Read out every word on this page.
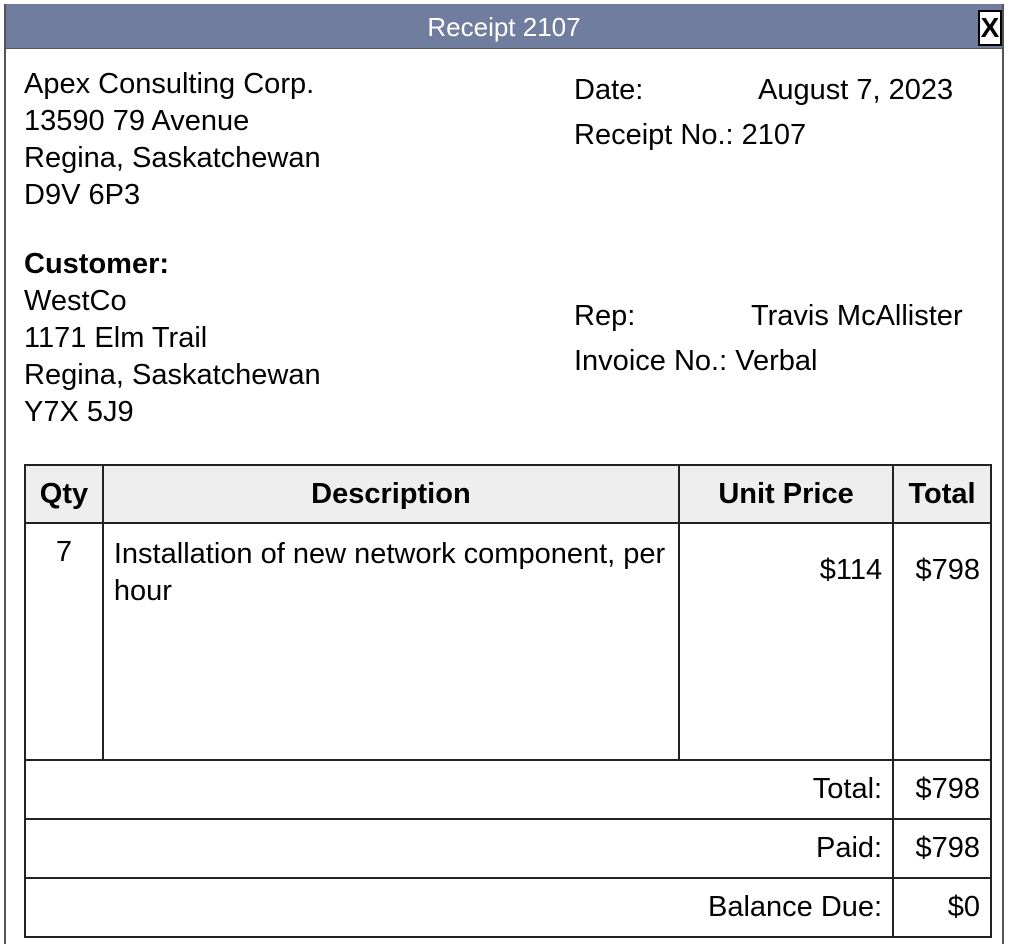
Receipt 2107	X
Apex Consulting Corp.
13590 79 Avenue
Regina, Saskatchewan
D9V 6P3
Date:	August 7, 2023
Receipt No.: 2107
Customer:
WestCo
1171 Elm Trail
Regina, Saskatchewan
Y7X 5J9
Rep:	Travis McAllister
Invoice No.: Verbal
Qty	Description	Unit Price	Total
7	Installation of new network component, per hour	$114	$798
Total:			$798
Paid:			$798
Balance Due:			$0
